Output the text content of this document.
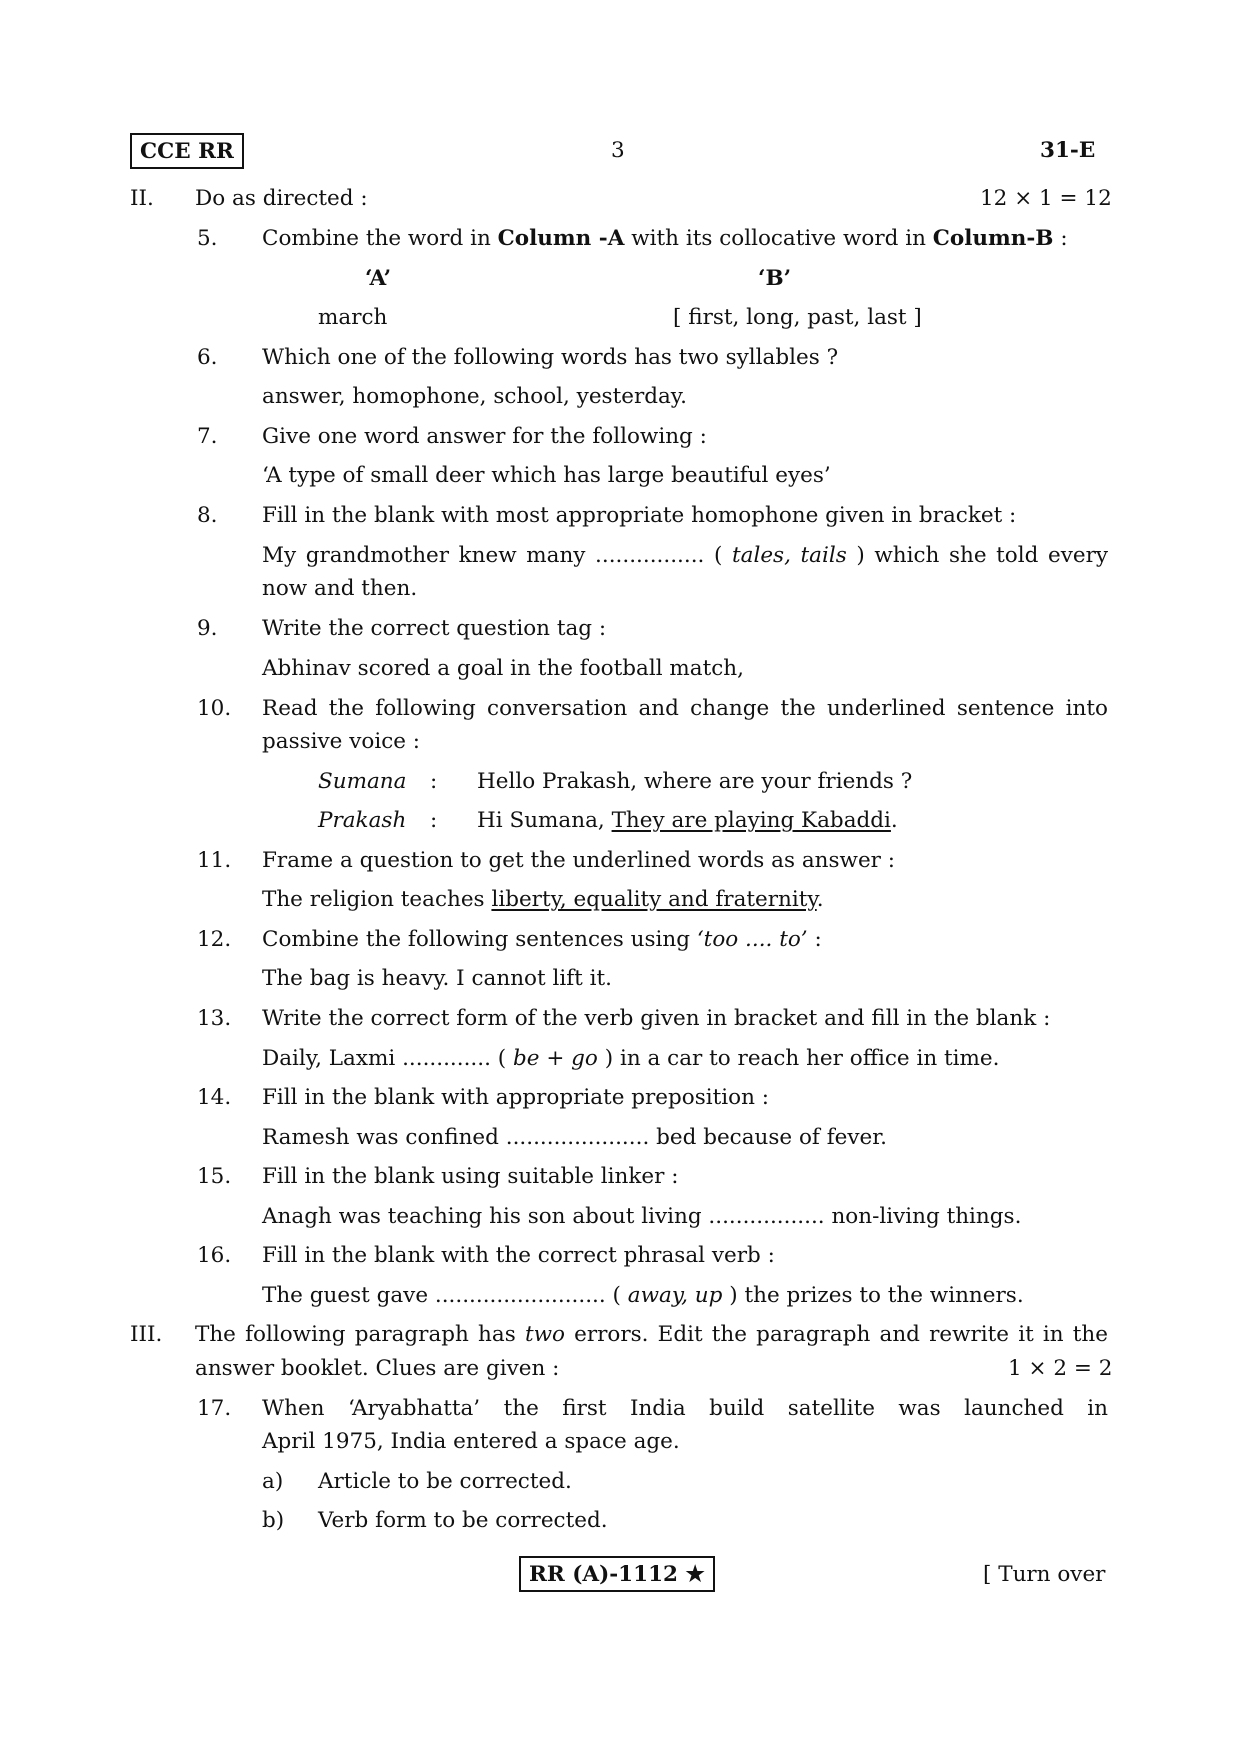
CCE RR	3	31-E
II. Do as directed :	12 × 1 = 12
5. Combine the word in Column -A with its collocative word in Column-B :
‘A’	‘B’
march	[ first, long, past, last ]
6. Which one of the following words has two syllables ?
answer, homophone, school, yesterday.
7. Give one word answer for the following :
‘A type of small deer which has large beautiful eyes’
8. Fill in the blank with most appropriate homophone given in bracket :
My grandmother knew many ................ ( tales, tails ) which she told every
now and then.
9. Write the correct question tag :
Abhinav scored a goal in the football match,
10. Read the following conversation and change the underlined sentence into
passive voice :
Sumana : Hello Prakash, where are your friends ?
Prakash : Hi Sumana, They are playing Kabaddi.
11. Frame a question to get the underlined words as answer :
The religion teaches liberty, equality and fraternity.
12. Combine the following sentences using ‘too .... to’ :
The bag is heavy. I cannot lift it.
13. Write the correct form of the verb given in bracket and fill in the blank :
Daily, Laxmi ............. ( be + go ) in a car to reach her office in time.
14. Fill in the blank with appropriate preposition :
Ramesh was confined ..................... bed because of fever.
15. Fill in the blank using suitable linker :
Anagh was teaching his son about living ................. non-living things.
16. Fill in the blank with the correct phrasal verb :
The guest gave ......................... ( away, up ) the prizes to the winners.
III. The following paragraph has two errors. Edit the paragraph and rewrite it in the
answer booklet. Clues are given :	1 × 2 = 2
17. When ‘Aryabhatta’ the first India build satellite was launched in
April 1975, India entered a space age.
a) Article to be corrected.
b) Verb form to be corrected.
RR (A)-1112 ★	[ Turn over
